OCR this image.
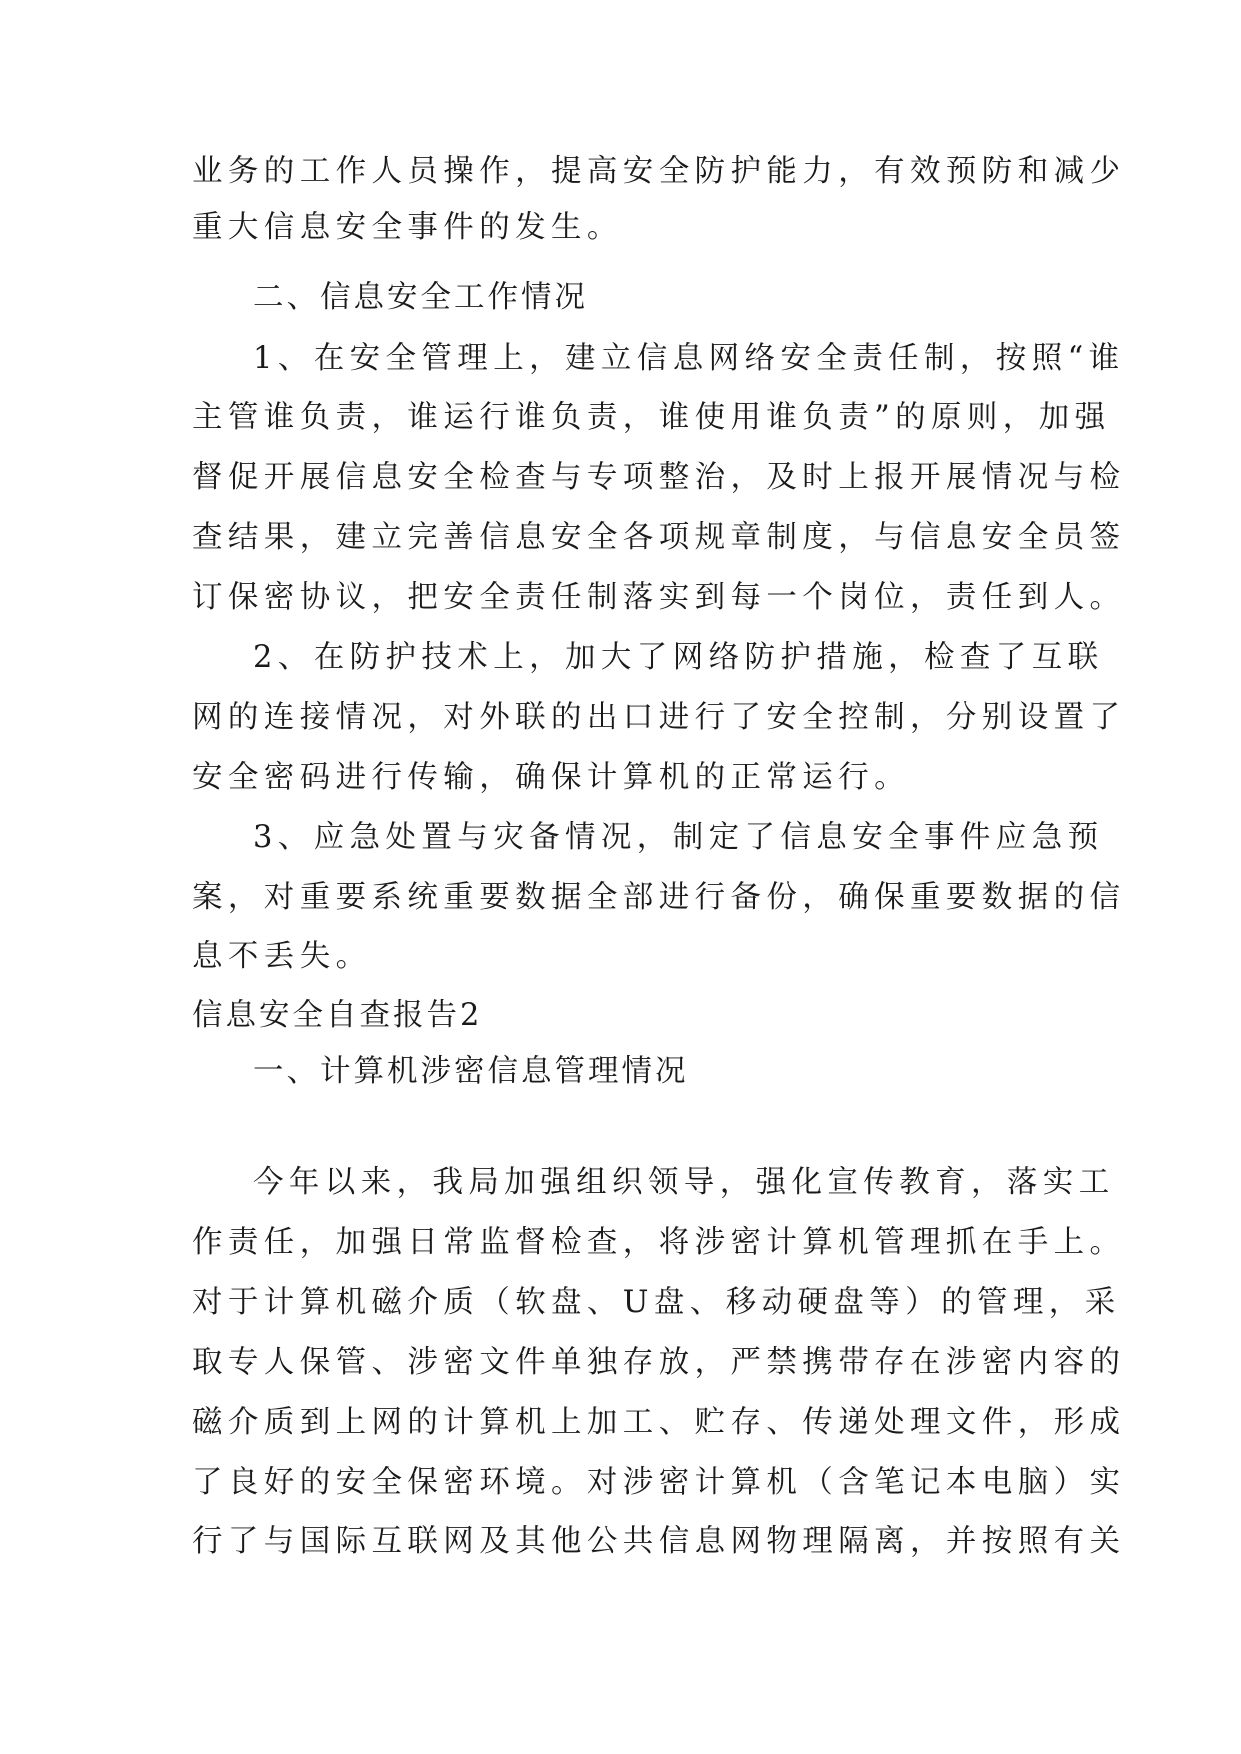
业务的工作人员操作，提高安全防护能力，有效预防和减少
重大信息安全事件的发生。
二、信息安全工作情况
1、在安全管理上，建立信息网络安全责任制，按照“谁
主管谁负责，谁运行谁负责，谁使用谁负责”的原则，加强
督促开展信息安全检查与专项整治，及时上报开展情况与检
查结果，建立完善信息安全各项规章制度，与信息安全员签
订保密协议，把安全责任制落实到每一个岗位，责任到人。
2、在防护技术上，加大了网络防护措施，检查了互联
网的连接情况，对外联的出口进行了安全控制，分别设置了
安全密码进行传输，确保计算机的正常运行。
3、应急处置与灾备情况，制定了信息安全事件应急预
案，对重要系统重要数据全部进行备份，确保重要数据的信
息不丢失。
信息安全自查报告2
一、计算机涉密信息管理情况
今年以来，我局加强组织领导，强化宣传教育，落实工
作责任，加强日常监督检查，将涉密计算机管理抓在手上。
对于计算机磁介质（软盘、U盘、移动硬盘等）的管理，采
取专人保管、涉密文件单独存放，严禁携带存在涉密内容的
磁介质到上网的计算机上加工、贮存、传递处理文件，形成
了良好的安全保密环境。对涉密计算机（含笔记本电脑）实
行了与国际互联网及其他公共信息网物理隔离，并按照有关
